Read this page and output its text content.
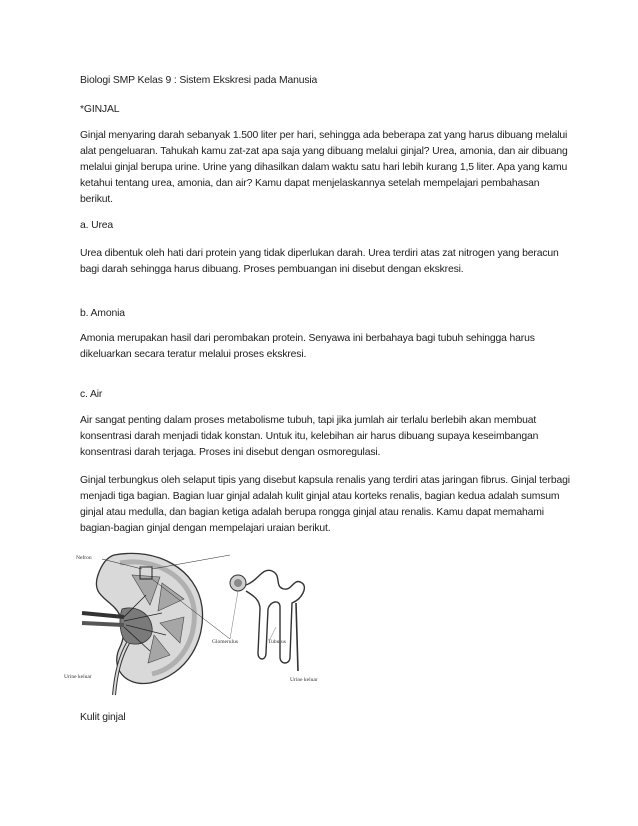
Biologi SMP Kelas 9 : Sistem Ekskresi pada Manusia

*GINJAL

Ginjal menyaring darah sebanyak 1.500 liter per hari, sehingga ada beberapa zat yang harus dibuang melalui alat pengeluaran. Tahukah kamu zat-zat apa saja yang dibuang melalui ginjal? Urea, amonia, dan air dibuang melalui ginjal berupa urine. Urine yang dihasilkan dalam waktu satu hari lebih kurang 1,5 liter. Apa yang kamu ketahui tentang urea, amonia, dan air? Kamu dapat menjelaskannya setelah mempelajari pembahasan berikut.

a. Urea

Urea dibentuk oleh hati dari protein yang tidak diperlukan darah. Urea terdiri atas zat nitrogen yang beracun bagi darah sehingga harus dibuang. Proses pembuangan ini disebut dengan ekskresi.

b. Amonia

Amonia merupakan hasil dari perombakan protein. Senyawa ini berbahaya bagi tubuh sehingga harus dikeluarkan secara teratur melalui proses ekskresi.

c. Air

Air sangat penting dalam proses metabolisme tubuh, tapi jika jumlah air terlalu berlebih akan membuat konsentrasi darah menjadi tidak konstan. Untuk itu, kelebihan air harus dibuang supaya keseimbangan konsentrasi darah terjaga. Proses ini disebut dengan osmoregulasi.

Ginjal terbungkus oleh selaput tipis yang disebut kapsula renalis yang terdiri atas jaringan fibrus. Ginjal terbagi menjadi tiga bagian. Bagian luar ginjal adalah kulit ginjal atau korteks renalis, bagian kedua adalah sumsum ginjal atau medulla, dan bagian ketiga adalah berupa rongga ginjal atau renalis. Kamu dapat memahami bagian-bagian ginjal dengan mempelajari uraian berikut.

Nefron
Glomerulus	Tubulus
Urine keluar
Urine keluar

Kulit ginjal
